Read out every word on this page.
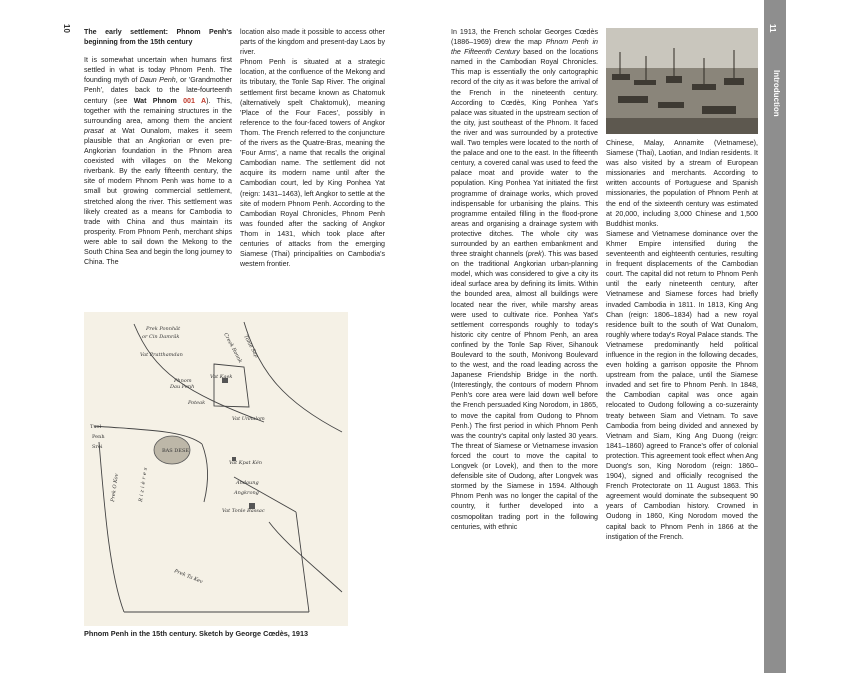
10	11
Introduction

The early settlement: Phnom Penh's beginning from the 15th century

It is somewhat uncertain when humans first settled in what is today Phnom Penh. The founding myth of Daun Penh, or 'Grandmother Penh', dates back to the late-fourteenth century (see Wat Phnom 001 A). This, together with the remaining structures in the surrounding area, among them the ancient prasat at Wat Ounalom, makes it seem plausible that an Angkorian or even pre-Angkorian foundation in the Phnom area coexisted with villages on the Mekong riverbank. By the early fifteenth century, the site of modern Phnom Penh was home to a small but growing commercial settlement, stretched along the river. This settlement was likely created as a means for Cambodia to trade with China and thus maintain its prosperity. From Phnom Penh, merchant ships were able to sail down the Mekong to the South China Sea and begin the long journey to China. The

location also made it possible to access other parts of the kingdom and present-day Laos by river.

Phnom Penh is situated at a strategic location, at the confluence of the Mekong and its tributary, the Tonle Sap River. The original settlement first became known as Chatomuk (alternatively spelt Chaktomuk), meaning 'Place of the Four Faces', possibly in reference to the four-faced towers of Angkor Thom. The French referred to the conjuncture of the rivers as the Quatre-Bras, meaning the 'Four Arms', a name that recalls the original Cambodian name. The settlement did not acquire its modern name until after the Cambodian court, led by King Ponhea Yat (reign: 1431–1463), left Angkor to settle at the site of modern Phnom Penh. According to the Cambodian Royal Chronicles, Phnom Penh was founded after the sacking of Angkor Thom in 1431, which took place after centuries of attacks from the emerging Siamese (Thai) principalities on Cambodia's western frontier.

Prek Ponnhât
or Cin Damrâk
Vat Pratthamdan
Phnom
Dau Penh
Vat Kaek
Poteak
Vat Unnalom
Tuol
Penh
Srei
BAS DESE
Vat Kpat Kén
Andaung
Angkrong
Vat Tonle Bassac
Tonle Sap
Creek Ronnk
Prek O Kov	Rizières
Prek Ta Kev
Phnom Penh in the 15th century. Sketch by George Cœdès, 1913

In 1913, the French scholar Georges Cœdès (1886–1969) drew the map Phnom Penh in the Fifteenth Century based on the locations named in the Cambodian Royal Chronicles. This map is essentially the only cartographic record of the city as it was before the arrival of the French in the nineteenth century. According to Cœdès, King Ponhea Yat's palace was situated in the upstream section of the city, just southeast of the Phnom. It faced the river and was surrounded by a protective wall. Two temples were located to the north of the palace and one to the east. In the fifteenth century, a covered canal was used to feed the palace moat and provide water to the population. King Ponhea Yat initiated the first programme of drainage works, which proved indispensable for urbanising the plains. This programme entailed filling in the flood-prone areas and organising a drainage system with protective ditches. The whole city was surrounded by an earthen embankment and three straight channels (prek). This was based on the traditional Angkorian urban-planning model, which was considered to give a city its ideal surface area by defining its limits. Within the bounded area, almost all buildings were located near the river, while marshy areas were used to cultivate rice. Ponhea Yat's settlement corresponds roughly to today's historic city centre of Phnom Penh, an area confined by the Tonle Sap River, Sihanouk Boulevard to the south, Monivong Boulevard to the west, and the road leading across the Japanese Friendship Bridge in the north. (Interestingly, the contours of modern Phnom Penh's core area were laid down well before the French persuaded King Norodom, in 1865, to move the capital from Oudong to Phnom Penh.) The first period in which Phnom Penh was the country's capital only lasted 30 years. The threat of Siamese or Vietnamese invasion forced the court to move the capital to Longvek (or Lovek), and then to the more defensible site of Oudong, after Longvek was stormed by the Siamese in 1594. Although Phnom Penh was no longer the capital of the country, it further developed into a cosmopolitan trading port in the following centuries, with ethnic

Chinese, Malay, Annamite (Vietnamese), Siamese (Thai), Laotian, and Indian residents. It was also visited by a stream of European missionaries and merchants. According to written accounts of Portuguese and Spanish missionaries, the population of Phnom Penh at the end of the sixteenth century was estimated at 20,000, including 3,000 Chinese and 1,500 Buddhist monks.

Siamese and Vietnamese dominance over the Khmer Empire intensified during the seventeenth and eighteenth centuries, resulting in frequent displacements of the Cambodian court. The capital did not return to Phnom Penh until the early nineteenth century, after Vietnamese and Siamese forces had briefly invaded Cambodia in 1811. In 1813, King Ang Chan (reign: 1806–1834) had a new royal residence built to the south of Wat Ounalom, roughly where today's Royal Palace stands. The Vietnamese predominantly held political influence in the region in the following decades, even holding a garrison opposite the Phnom upstream from the palace, until the Siamese invaded and set fire to Phnom Penh. In 1848, the Cambodian capital was once again relocated to Oudong following a co-suzerainty treaty between Siam and Vietnam. To save Cambodia from being divided and annexed by Vietnam and Siam, King Ang Duong (reign: 1841–1860) agreed to France's offer of colonial protection. This agreement took effect when Ang Duong's son, King Norodom (reign: 1860–1904), signed and officially recognised the French Protectorate on 11 August 1863. This agreement would dominate the subsequent 90 years of Cambodian history. Crowned in Oudong in 1860, King Norodom moved the capital back to Phnom Penh in 1866 at the instigation of the French.
